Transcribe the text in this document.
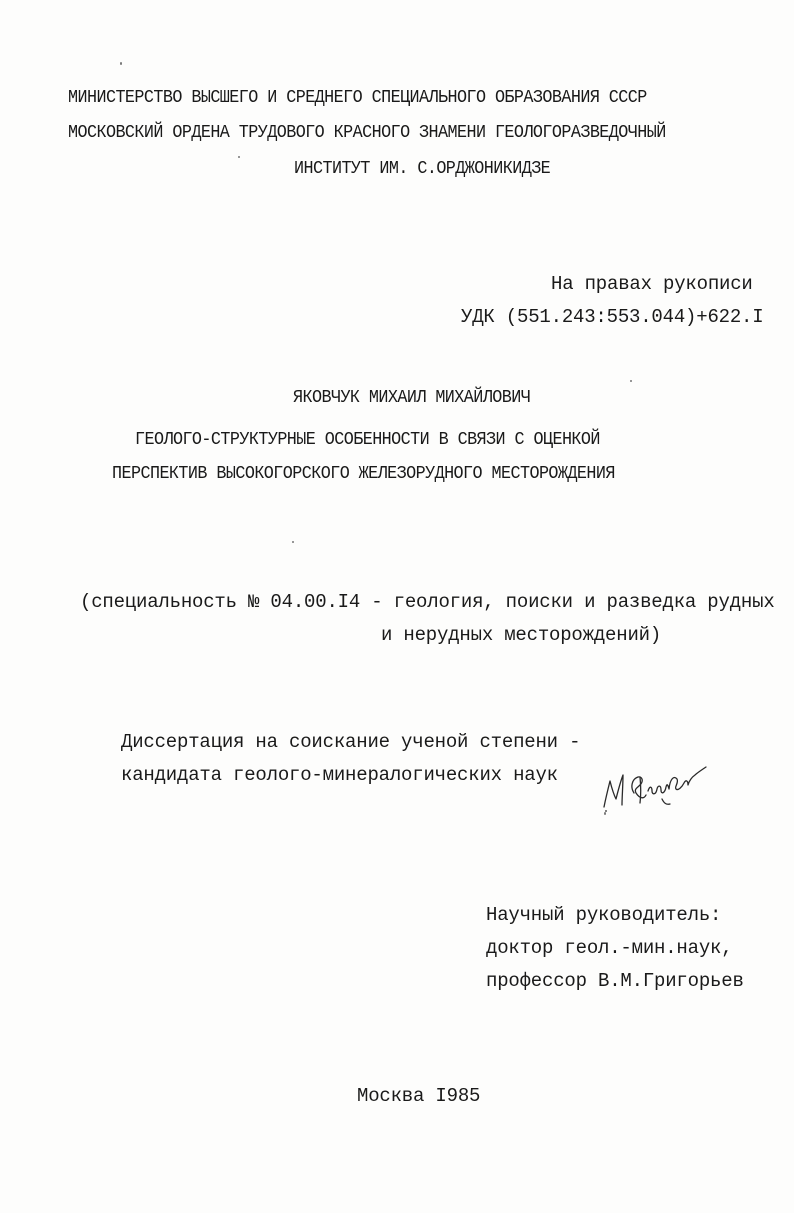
МИНИСТЕРСТВО ВЫСШЕГО И СРЕДНЕГО СПЕЦИАЛЬНОГО ОБРАЗОВАНИЯ СССР
МОСКОВСКИЙ ОРДЕНА ТРУДОВОГО КРАСНОГО ЗНАМЕНИ ГЕОЛОГОРАЗВЕДОЧНЫЙ
ИНСТИТУТ ИМ. С.ОРДЖОНИКИДЗЕ
На правах рукописи
УДК (551.243:553.044)+622.I
ЯКОВЧУК МИХАИЛ МИХАЙЛОВИЧ
ГЕОЛОГО-СТРУКТУРНЫЕ ОСОБЕННОСТИ В СВЯЗИ С ОЦЕНКОЙ
ПЕРСПЕКТИВ ВЫСОКОГОРСКОГО ЖЕЛЕЗОРУДНОГО МЕСТОРОЖДЕНИЯ
(специальность № 04.00.I4 - геология, поиски и разведка рудных
и нерудных месторождений)
Диссертация на соискание ученой степени -
кандидата геолого-минералогических наук
Научный руководитель:
доктор геол.-мин.наук,
профессор В.М.Григорьев
Москва I985
